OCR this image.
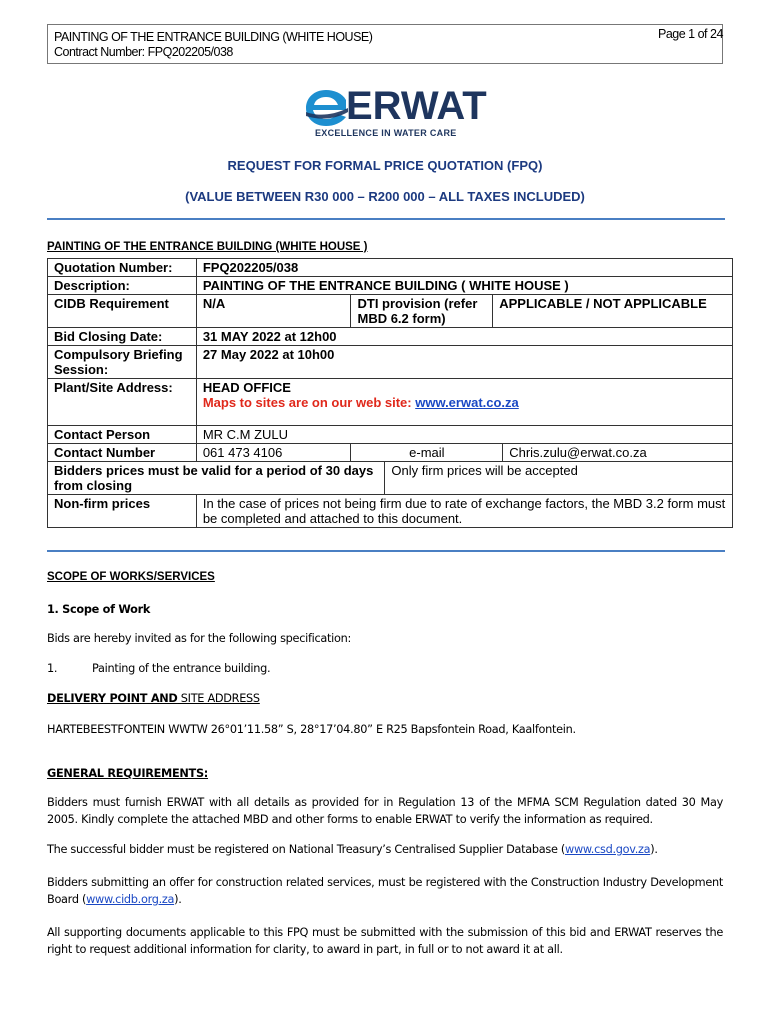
PAINTING OF THE ENTRANCE BUILDING (WHITE HOUSE)
Contract Number: FPQ202205/038
Page 1 of 24
ERWAT
EXCELLENCE IN WATER CARE
REQUEST FOR FORMAL PRICE QUOTATION (FPQ)
(VALUE BETWEEN R30 000 – R200 000 – ALL TAXES INCLUDED)
PAINTING OF THE ENTRANCE BUILDING (WHITE HOUSE )
Quotation Number:	FPQ202205/038				
Description:	PAINTING OF THE ENTRANCE BUILDING ( WHITE HOUSE )				
CIDB Requirement	N/A	DTI provision (refer MBD 6.2 form)		APPLICABLE / NOT APPLICABLE	
Bid Closing Date:	31 MAY 2022 at 12h00				
Compulsory Briefing Session:	27 May 2022 at 10h00				
Plant/Site Address:	HEAD OFFICE
Maps to sites are on our web site: www.erwat.co.za				

Contact Person	MR C.M ZULU				
Contact Number	061 473 4106	e-mail			Chris.zulu@erwat.co.za
Bidders prices must be valid for a period of 30 days from closing			Only firm prices will be accepted		
Non-firm prices	In the case of prices not being firm due to rate of exchange factors, the MBD 3.2 form must be completed and attached to this document.				
SCOPE OF WORKS/SERVICES
1. Scope of Work
Bids are hereby invited as for the following specification:
1.	Painting of the entrance building.
DELIVERY POINT AND SITE ADDRESS
HARTEBEESTFONTEIN WWTW 26°01’11.58” S, 28°17’04.80” E R25 Bapsfontein Road, Kaalfontein.
GENERAL REQUIREMENTS:
Bidders must furnish ERWAT with all details as provided for in Regulation 13 of the MFMA SCM Regulation dated 30 May 2005. Kindly complete the attached MBD and other forms to enable ERWAT to verify the information as required.
The successful bidder must be registered on National Treasury’s Centralised Supplier Database (www.csd.gov.za).
Bidders submitting an offer for construction related services, must be registered with the Construction Industry Development Board (www.cidb.org.za).
All supporting documents applicable to this FPQ must be submitted with the submission of this bid and ERWAT reserves the right to request additional information for clarity, to award in part, in full or to not award it at all.
